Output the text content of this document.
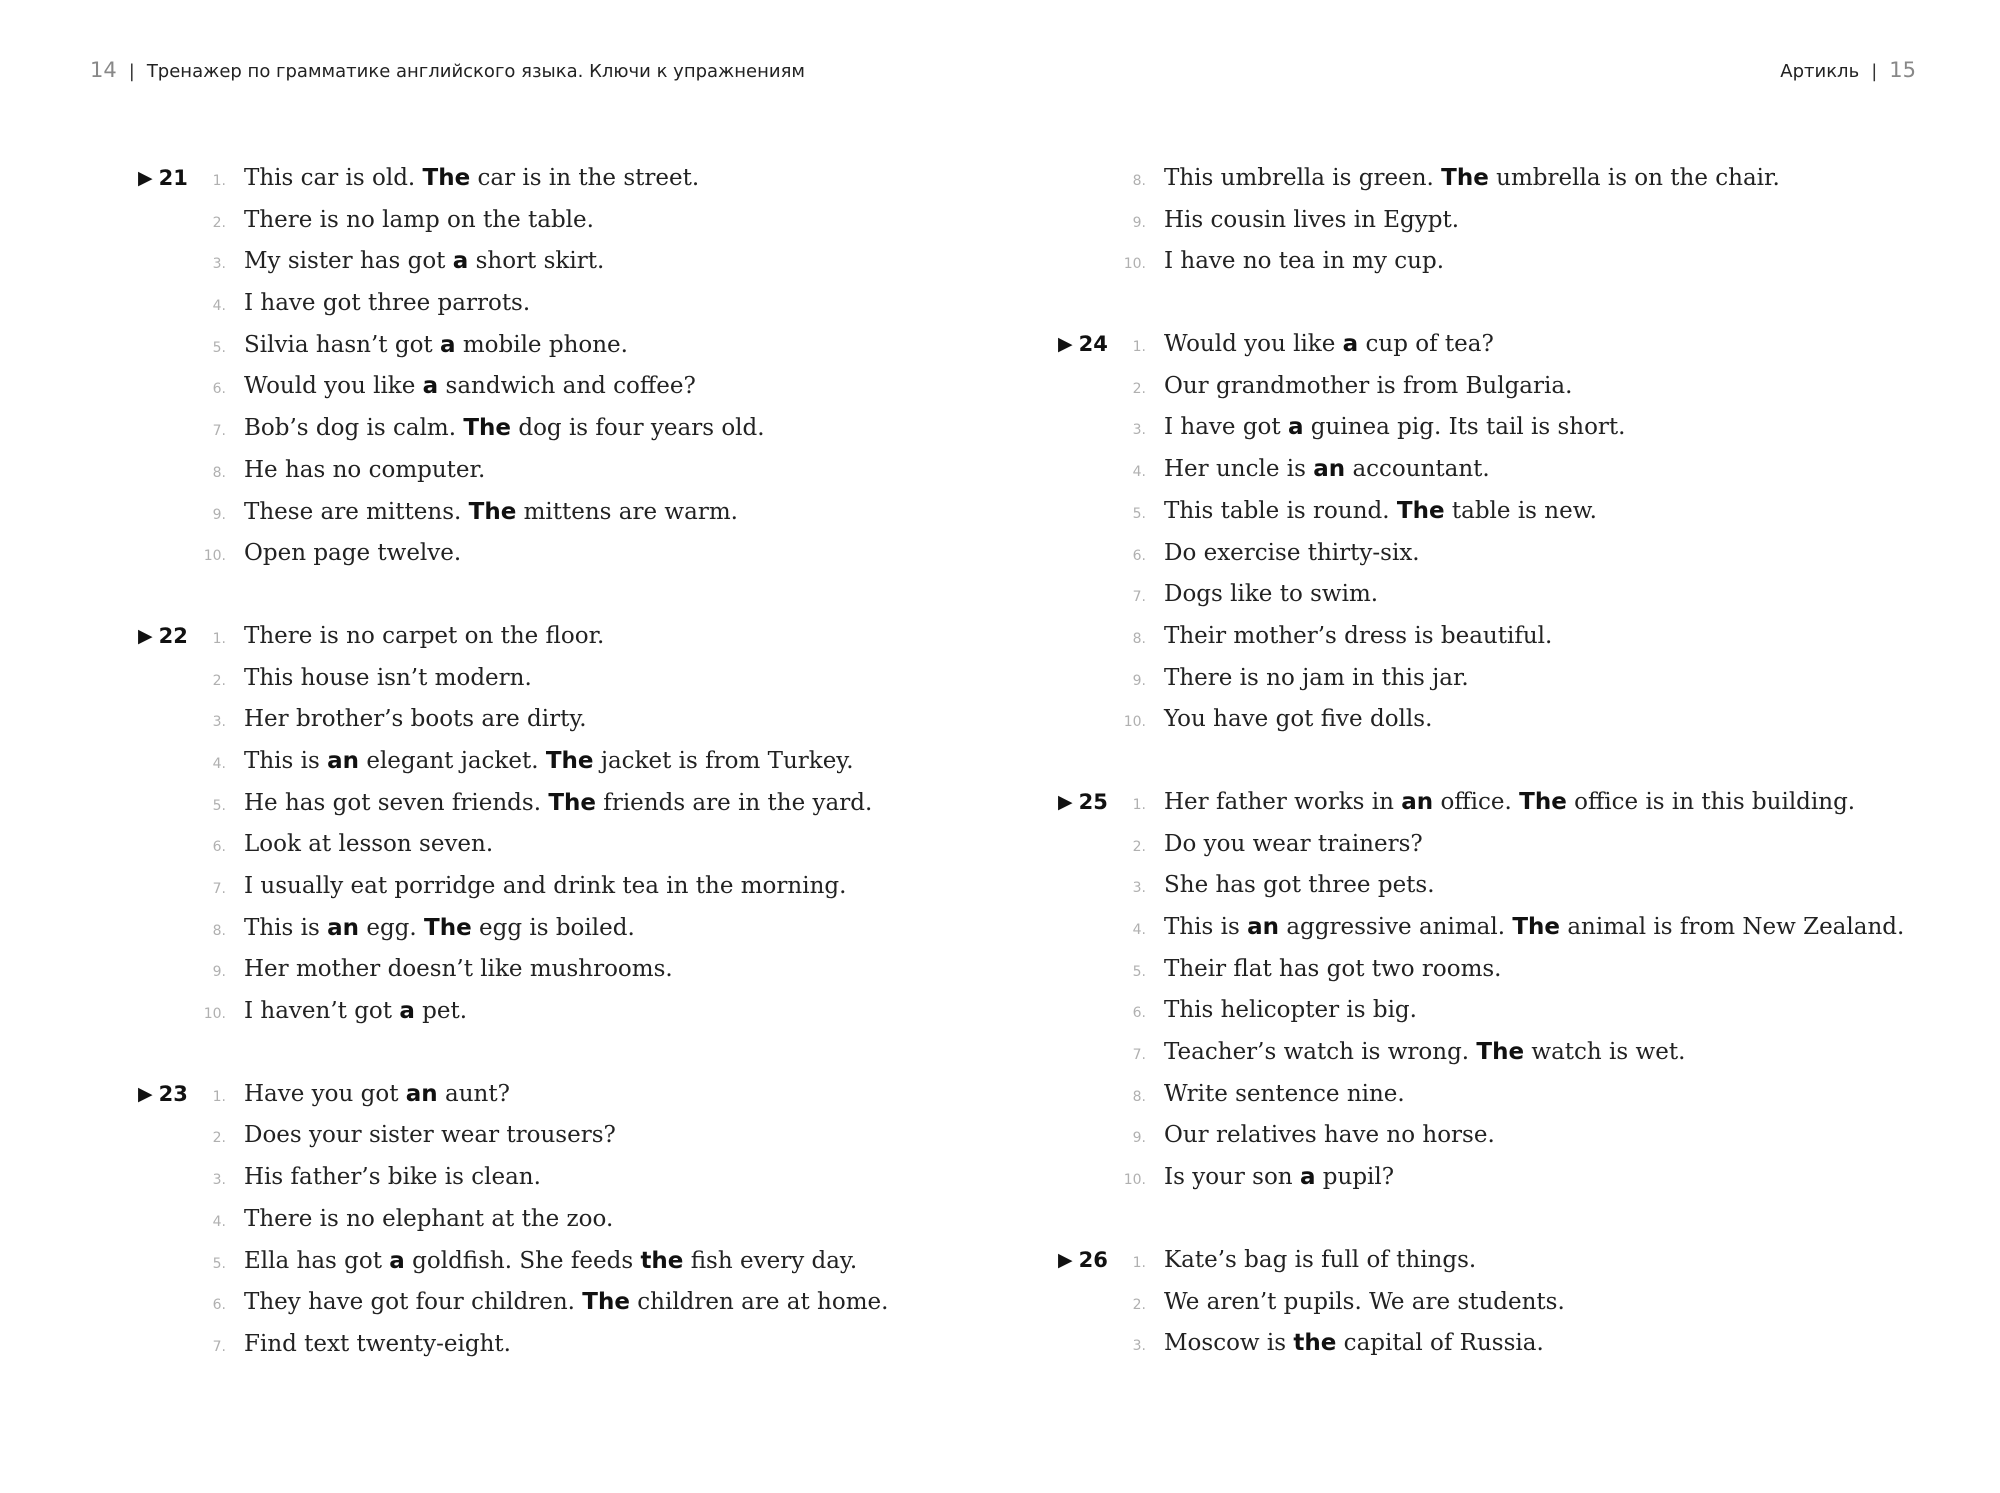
14 | Тренажер по грамматике английского языка. Ключи к упражнениям	Артикль | 15
▶ 21	1. This car is old. The car is in the street.
2. There is no lamp on the table.
3. My sister has got a short skirt.
4. I have got three parrots.
5. Silvia hasn’t got a mobile phone.
6. Would you like a sandwich and coffee?
7. Bob’s dog is calm. The dog is four years old.
8. He has no computer.
9. These are mittens. The mittens are warm.
10. Open page twelve.
▶ 22	1. There is no carpet on the floor.
2. This house isn’t modern.
3. Her brother’s boots are dirty.
4. This is an elegant jacket. The jacket is from Turkey.
5. He has got seven friends. The friends are in the yard.
6. Look at lesson seven.
7. I usually eat porridge and drink tea in the morning.
8. This is an egg. The egg is boiled.
9. Her mother doesn’t like mushrooms.
10. I haven’t got a pet.
▶ 23	1. Have you got an aunt?
2. Does your sister wear trousers?
3. His father’s bike is clean.
4. There is no elephant at the zoo.
5. Ella has got a goldfish. She feeds the fish every day.
6. They have got four children. The children are at home.
7. Find text twenty-eight.
8. This umbrella is green. The umbrella is on the chair.
9. His cousin lives in Egypt.
10. I have no tea in my cup.
▶ 24	1. Would you like a cup of tea?
2. Our grandmother is from Bulgaria.
3. I have got a guinea pig. Its tail is short.
4. Her uncle is an accountant.
5. This table is round. The table is new.
6. Do exercise thirty-six.
7. Dogs like to swim.
8. Their mother’s dress is beautiful.
9. There is no jam in this jar.
10. You have got five dolls.
▶ 25	1. Her father works in an office. The office is in this building.
2. Do you wear trainers?
3. She has got three pets.
4. This is an aggressive animal. The animal is from New Zealand.
5. Their flat has got two rooms.
6. This helicopter is big.
7. Teacher’s watch is wrong. The watch is wet.
8. Write sentence nine.
9. Our relatives have no horse.
10. Is your son a pupil?
▶ 26	1. Kate’s bag is full of things.
2. We aren’t pupils. We are students.
3. Moscow is the capital of Russia.
